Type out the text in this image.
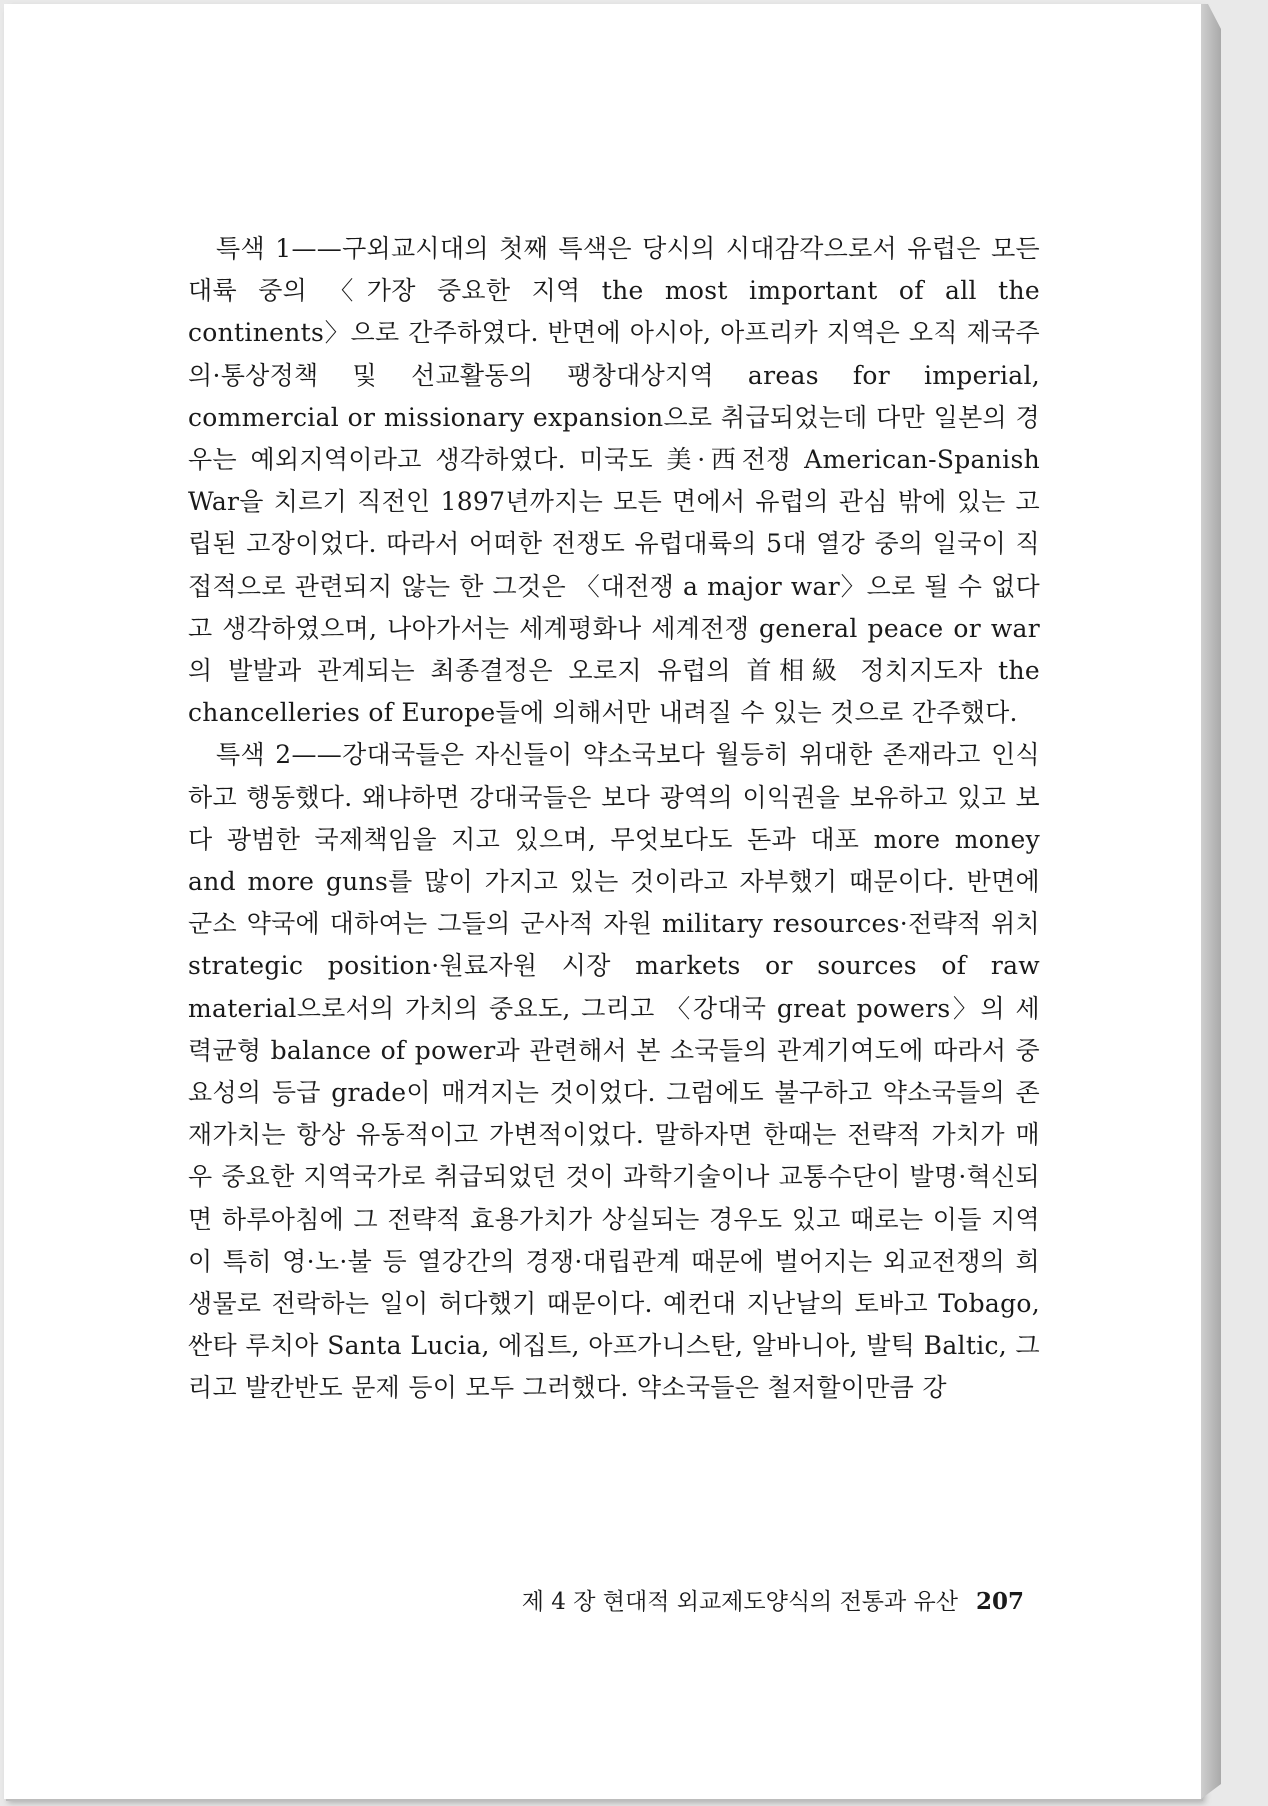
특색 1——구외교시대의 첫째 특색은 당시의 시대감각으로서 유럽은 모든 대륙 중의 〈가장 중요한 지역 the most important of all the continents〉으로 간주하였다. 반면에 아시아, 아프리카 지역은 오직 제국주의·통상정책 및 선교활동의 팽창대상지역 areas for imperial, commercial or missionary expansion으로 취급되었는데 다만 일본의 경우는 예외지역이라고 생각하였다. 미국도 美·西전쟁 American-Spanish War을 치르기 직전인 1897년까지는 모든 면에서 유럽의 관심 밖에 있는 고립된 고장이었다. 따라서 어떠한 전쟁도 유럽대륙의 5대 열강 중의 일국이 직접적으로 관련되지 않는 한 그것은 〈대전쟁 a major war〉으로 될 수 없다고 생각하였으며, 나아가서는 세계평화나 세계전쟁 general peace or war의 발발과 관계되는 최종결정은 오로지 유럽의 首相級 정치지도자 the chancelleries of Europe들에 의해서만 내려질 수 있는 것으로 간주했다.

특색 2——강대국들은 자신들이 약소국보다 월등히 위대한 존재라고 인식하고 행동했다. 왜냐하면 강대국들은 보다 광역의 이익권을 보유하고 있고 보다 광범한 국제책임을 지고 있으며, 무엇보다도 돈과 대포 more money and more guns를 많이 가지고 있는 것이라고 자부했기 때문이다. 반면에 군소 약국에 대하여는 그들의 군사적 자원 military resources·전략적 위치 strategic position·원료자원 시장 markets or sources of raw material으로서의 가치의 중요도, 그리고 〈강대국 great powers〉의 세력균형 balance of power과 관련해서 본 소국들의 관계기여도에 따라서 중요성의 등급 grade이 매겨지는 것이었다. 그럼에도 불구하고 약소국들의 존재가치는 항상 유동적이고 가변적이었다. 말하자면 한때는 전략적 가치가 매우 중요한 지역국가로 취급되었던 것이 과학기술이나 교통수단이 발명·혁신되면 하루아침에 그 전략적 효용가치가 상실되는 경우도 있고 때로는 이들 지역이 특히 영·노·불 등 열강간의 경쟁·대립관계 때문에 벌어지는 외교전쟁의 희생물로 전락하는 일이 허다했기 때문이다. 예컨대 지난날의 토바고 Tobago, 싼타 루치아 Santa Lucia, 에집트, 아프가니스탄, 알바니아, 발틱 Baltic, 그리고 발칸반도 문제 등이 모두 그러했다. 약소국들은 철저할이만큼 강

제 4 장 현대적 외교제도양식의 전통과 유산 207
